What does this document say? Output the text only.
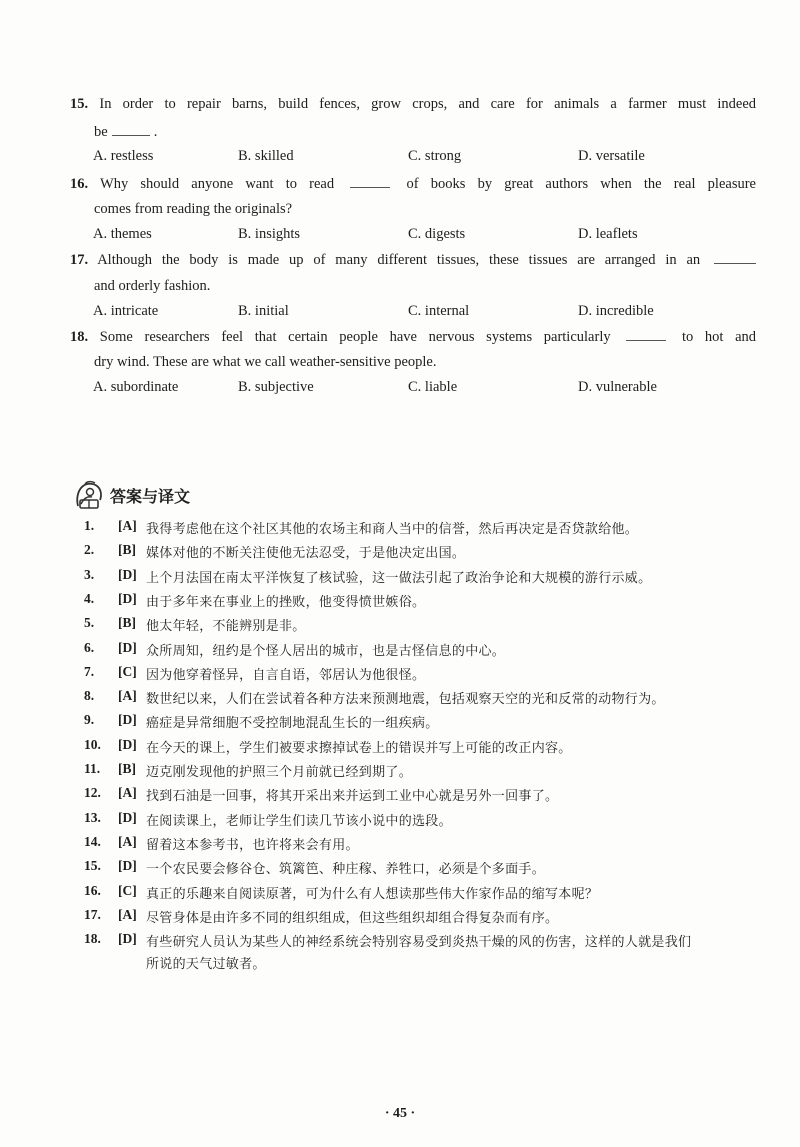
15. In order to repair barns, build fences, grow crops, and care for animals a farmer must indeed
be	.
A. restless	B. skilled	C. strong	D. versatile
16. Why should anyone want to read	of books by great authors when the real pleasure
comes from reading the originals?
A. themes	B. insights	C. digests	D. leaflets
17. Although the body is made up of many different tissues, these tissues are arranged in an
and orderly fashion.
A. intricate	B. initial	C. internal	D. incredible
18. Some researchers feel that certain people have nervous systems particularly	to hot and
dry wind. These are what we call weather-sensitive people.
A. subordinate	B. subjective	C. liable	D. vulnerable
答案与译文
1.	[A] 我得考虑他在这个社区其他的农场主和商人当中的信誉，然后再决定是否贷款给他。
2.	[B] 媒体对他的不断关注使他无法忍受，于是他决定出国。
3.	[D] 上个月法国在南太平洋恢复了核试验，这一做法引起了政治争论和大规模的游行示威。
4.	[D] 由于多年来在事业上的挫败，他变得愤世嫉俗。
5.	[B] 他太年轻，不能辨别是非。
6.	[D] 众所周知，纽约是个怪人居出的城市，也是古怪信息的中心。
7.	[C] 因为他穿着怪异，自言自语，邻居认为他很怪。
8.	[A] 数世纪以来，人们在尝试着各种方法来预测地震，包括观察天空的光和反常的动物行为。
9.	[D] 癌症是异常细胞不受控制地混乱生长的一组疾病。
10.	[D] 在今天的课上，学生们被要求擦掉试卷上的错误并写上可能的改正内容。
11.	[B] 迈克刚发现他的护照三个月前就已经到期了。
12.	[A] 找到石油是一回事，将其开采出来并运到工业中心就是另外一回事了。
13.	[D] 在阅读课上，老师让学生们读几节该小说中的选段。
14.	[A] 留着这本参考书，也许将来会有用。
15.	[D] 一个农民要会修谷仓、筑篱笆、种庄稼、养牲口，必须是个多面手。
16.	[C] 真正的乐趣来自阅读原著，可为什么有人想读那些伟大作家作品的缩写本呢？
17.	[A] 尽管身体是由许多不同的组织组成，但这些组织却组合得复杂而有序。
18.	[D] 有些研究人员认为某些人的神经系统会特别容易受到炎热干燥的风的伤害，这样的人就是我们
所说的天气过敏者。
· 45 ·
